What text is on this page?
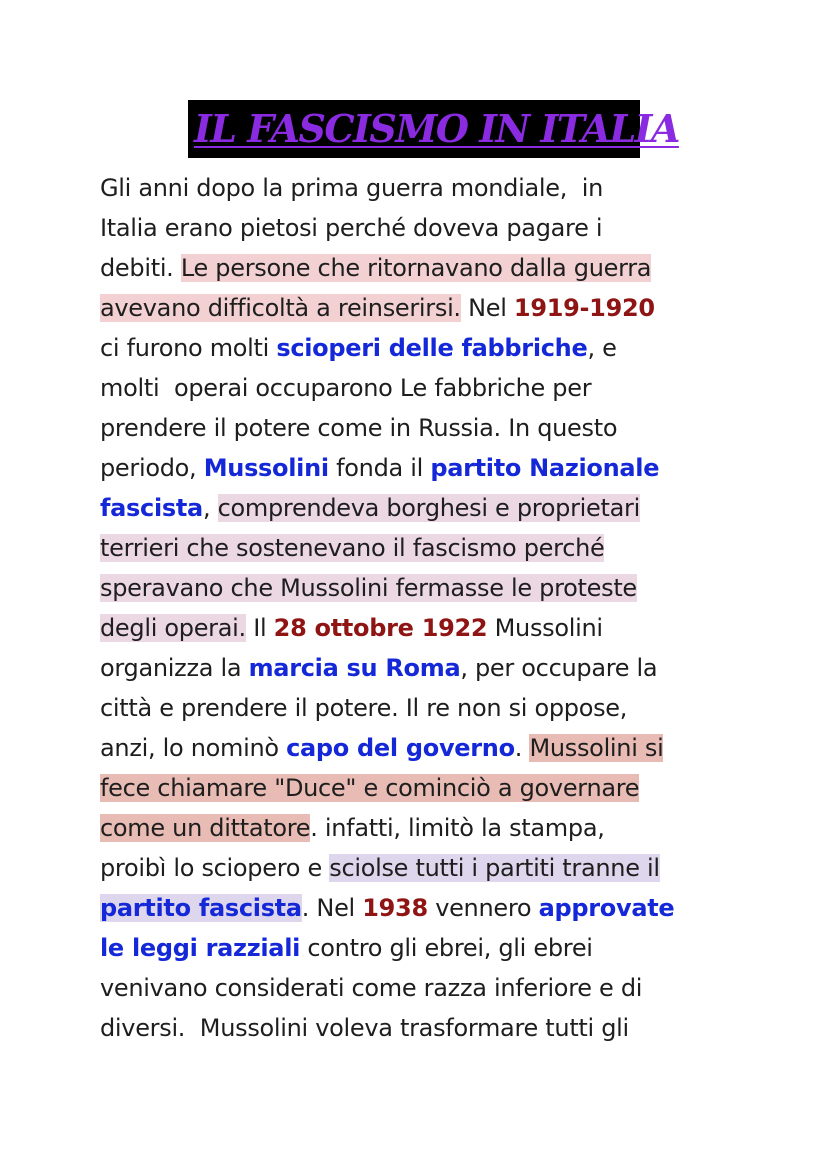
IL FASCISMO IN ITALIA
Gli anni dopo la prima guerra mondiale,  in
Italia erano pietosi perché doveva pagare i
debiti. Le persone che ritornavano dalla guerra
avevano difficoltà a reinserirsi. Nel 1919-1920
ci furono molti scioperi delle fabbriche, e
molti  operai occuparono Le fabbriche per
prendere il potere come in Russia. In questo
periodo, Mussolini fonda il partito Nazionale
fascista, comprendeva borghesi e proprietari
terrieri che sostenevano il fascismo perché
speravano che Mussolini fermasse le proteste
degli operai. Il 28 ottobre 1922 Mussolini
organizza la marcia su Roma, per occupare la
città e prendere il potere. Il re non si oppose,
anzi, lo nominò capo del governo. Mussolini si
fece chiamare "Duce" e cominciò a governare
come un dittatore. infatti, limitò la stampa,
proibì lo sciopero e sciolse tutti i partiti tranne il
partito fascista. Nel 1938 vennero approvate
le leggi razziali contro gli ebrei, gli ebrei
venivano considerati come razza inferiore e di
diversi.  Mussolini voleva trasformare tutti gli
